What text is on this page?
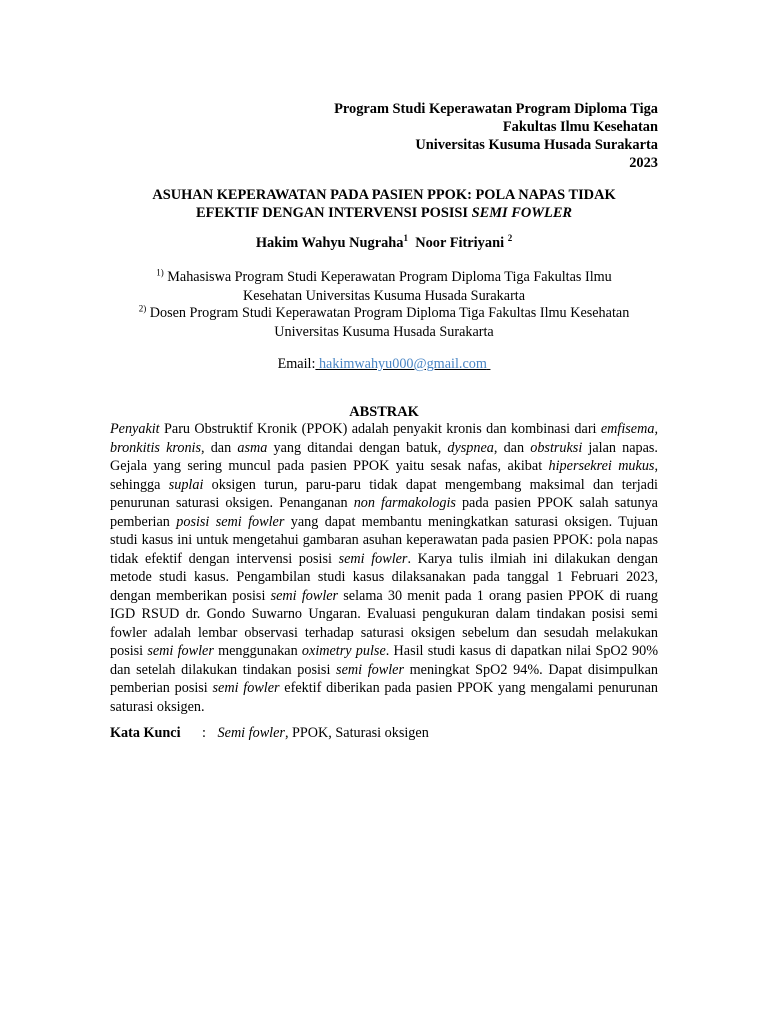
Program Studi Keperawatan Program Diploma Tiga
Fakultas Ilmu Kesehatan
Universitas Kusuma Husada Surakarta
2023
ASUHAN KEPERAWATAN PADA PASIEN PPOK: POLA NAPAS TIDAK
EFEKTIF DENGAN INTERVENSI POSISI SEMI FOWLER
Hakim Wahyu Nugraha$^1$ Noor Fitriyani $^2$
$^{1)}$ Mahasiswa Program Studi Keperawatan Program Diploma Tiga Fakultas Ilmu
Kesehatan Universitas Kusuma Husada Surakarta
$^{2)}$ Dosen Program Studi Keperawatan Program Diploma Tiga Fakultas Ilmu Kesehatan
Universitas Kusuma Husada Surakarta
Email: hakimwahyu000@gmail.com
ABSTRAK
Penyakit Paru Obstruktif Kronik (PPOK) adalah penyakit kronis dan kombinasi dari emfisema, bronkitis kronis, dan asma yang ditandai dengan batuk, dyspnea, dan obstruksi jalan napas. Gejala yang sering muncul pada pasien PPOK yaitu sesak nafas, akibat hipersekrei mukus, sehingga suplai oksigen turun, paru-paru tidak dapat mengembang maksimal dan terjadi penurunan saturasi oksigen. Penanganan non farmakologis pada pasien PPOK salah satunya pemberian posisi semi fowler yang dapat membantu meningkatkan saturasi oksigen. Tujuan studi kasus ini untuk mengetahui gambaran asuhan keperawatan pada pasien PPOK: pola napas tidak efektif dengan intervensi posisi semi fowler. Karya tulis ilmiah ini dilakukan dengan metode studi kasus. Pengambilan studi kasus dilaksanakan pada tanggal 1 Februari 2023, dengan memberikan posisi semi fowler selama 30 menit pada 1 orang pasien PPOK di ruang IGD RSUD dr. Gondo Suwarno Ungaran. Evaluasi pengukuran dalam tindakan posisi semi fowler adalah lembar observasi terhadap saturasi oksigen sebelum dan sesudah melakukan posisi semi fowler menggunakan oximetry pulse. Hasil studi kasus di dapatkan nilai SpO2 90% dan setelah dilakukan tindakan posisi semi fowler meningkat SpO2 94%. Dapat disimpulkan pemberian posisi semi fowler efektif diberikan pada pasien PPOK yang mengalami penurunan saturasi oksigen.
Kata Kunci : Semi fowler, PPOK, Saturasi oksigen
